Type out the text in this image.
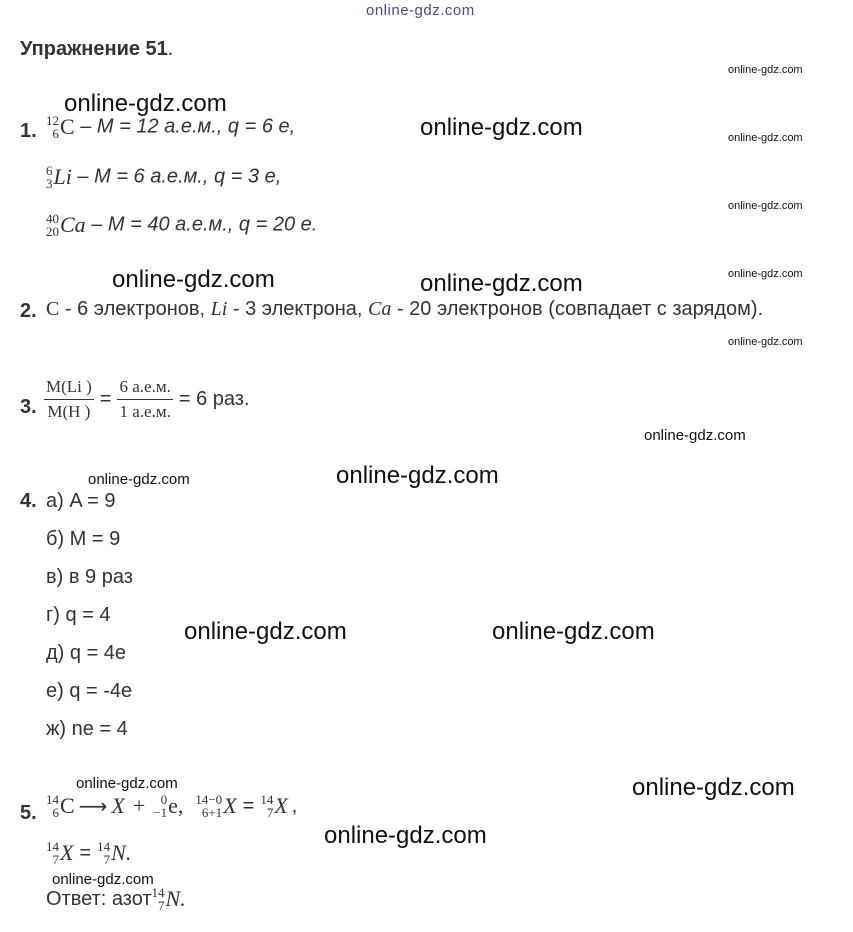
online-gdz.com
Упражнение 51.
online-gdz.com
online-gdz.com
online-gdz.com
online-gdz.com
online-gdz.com
online-gdz.com
online-gdz.com
online-gdz.com	online-gdz.com
online-gdz.com
online-gdz.com	online-gdz.com
online-gdz.com
online-gdz.com
online-gdz.com
online-gdz.com
online-gdz.com
online-gdz.com
1. 12
6 C – M = 12 а.е.м., q = 6 e,
6
3 Li – M = 6 а.е.м., q = 3 e,
40
20 Ca – M = 40 а.е.м., q = 20 e.
2. C - 6 электронов, Li - 3 электрона, Ca - 20 электронов (совпадает с зарядом).
3. $\frac{M(Li )}{M(H )} = \frac{6 а.е.м.}{1 а.е.м.} = 6$ раз.
4. а) A = 9
б) M = 9
в) в 9 раз
г) q = 4
д) q = 4e
е) q = -4e
ж) ne = 4
5.
14
6 C ⟶ X + 0
−1 e, 14−0
6+1 X = 14
7 X ,
14
7 X = 14
7 N.
Ответ: азот 14
7 N.
